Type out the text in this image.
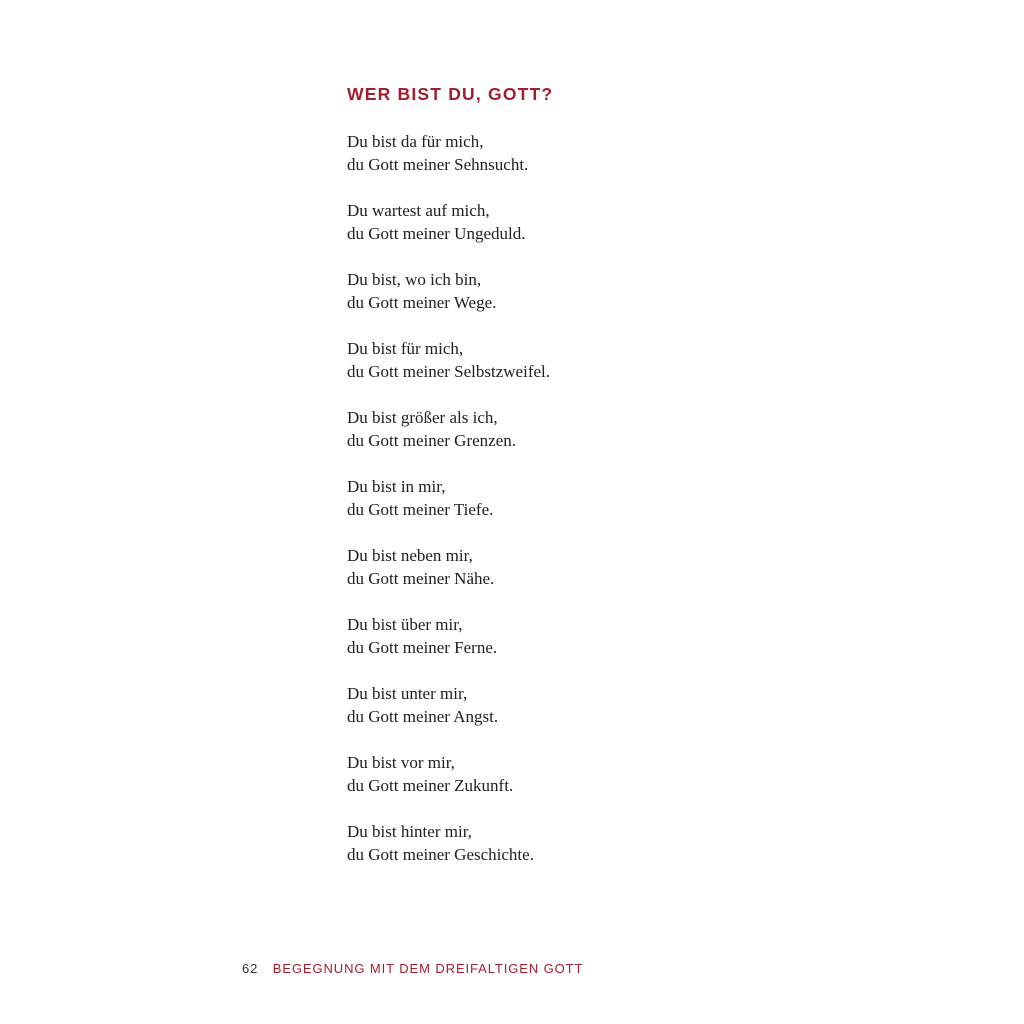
WER BIST DU, GOTT?
Du bist da für mich,
du Gott meiner Sehnsucht.
Du wartest auf mich,
du Gott meiner Ungeduld.
Du bist, wo ich bin,
du Gott meiner Wege.
Du bist für mich,
du Gott meiner Selbstzweifel.
Du bist größer als ich,
du Gott meiner Grenzen.
Du bist in mir,
du Gott meiner Tiefe.
Du bist neben mir,
du Gott meiner Nähe.
Du bist über mir,
du Gott meiner Ferne.
Du bist unter mir,
du Gott meiner Angst.
Du bist vor mir,
du Gott meiner Zukunft.
Du bist hinter mir,
du Gott meiner Geschichte.
62 BEGEGNUNG MIT DEM DREIFALTIGEN GOTT
